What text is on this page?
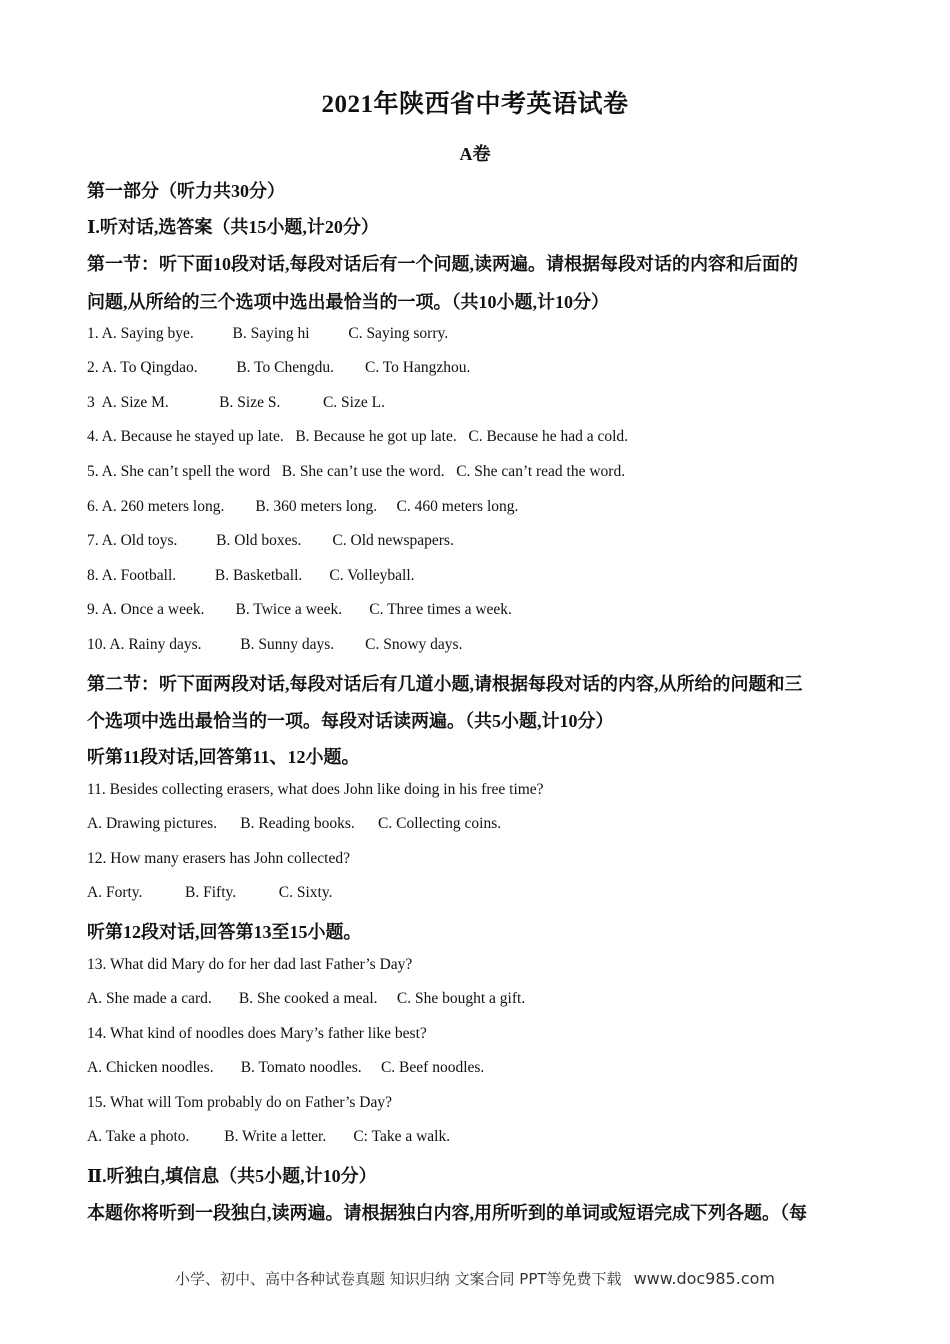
2021年陕西省中考英语试卷
A卷
第一部分（听力共30分）
Ⅰ.听对话,选答案（共15小题,计20分）
第一节：听下面10段对话,每段对话后有一个问题,读两遍。请根据每段对话的内容和后面的
问题,从所给的三个选项中选出最恰当的一项。（共10小题,计10分）
1. A. Saying bye.          B. Saying hi          C. Saying sorry.
2. A. To Qingdao.          B. To Chengdu.        C. To Hangzhou.
3  A. Size M.             B. Size S.           C. Size L.
4. A. Because he stayed up late.   B. Because he got up late.   C. Because he had a cold.
5. A. She can’t spell the word   B. She can’t use the word.   C. She can’t read the word.
6. A. 260 meters long.        B. 360 meters long.     C. 460 meters long.
7. A. Old toys.          B. Old boxes.        C. Old newspapers.
8. A. Football.          B. Basketball.       C. Volleyball.
9. A. Once a week.        B. Twice a week.       C. Three times a week.
10. A. Rainy days.          B. Sunny days.        C. Snowy days.
第二节：听下面两段对话,每段对话后有几道小题,请根据每段对话的内容,从所给的问题和三
个选项中选出最恰当的一项。每段对话读两遍。（共5小题,计10分）
听第11段对话,回答第11、12小题。
11. Besides collecting erasers, what does John like doing in his free time?
A. Drawing pictures.      B. Reading books.      C. Collecting coins.
12. How many erasers has John collected?
A. Forty.           B. Fifty.           C. Sixty.
听第12段对话,回答第13至15小题。
13. What did Mary do for her dad last Father’s Day?
A. She made a card.       B. She cooked a meal.     C. She bought a gift.
14. What kind of noodles does Mary’s father like best?
A. Chicken noodles.       B. Tomato noodles.     C. Beef noodles.
15. What will Tom probably do on Father’s Day?
A. Take a photo.         B. Write a letter.       C: Take a walk.
Ⅱ.听独白,填信息（共5小题,计10分）
本题你将听到一段独白,读两遍。请根据独白内容,用所听到的单词或短语完成下列各题。（每
小学、初中、高中各种试卷真题 知识归纳 文案合同 PPT等免费下载 www.doc985.com
